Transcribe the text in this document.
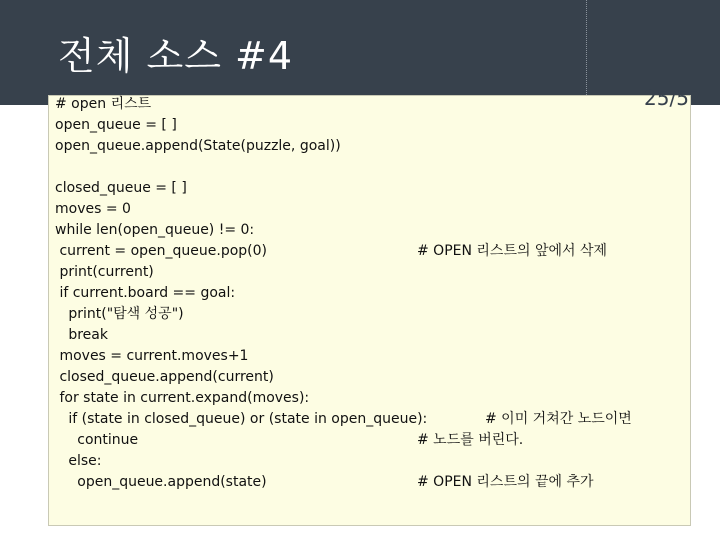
전체 소스 #4
25/57
# open 리스트
open_queue = [ ]
open_queue.append(State(puzzle, goal))
closed_queue = [ ]
moves = 0
while len(open_queue) != 0:
current = open_queue.pop(0)	# OPEN 리스트의 앞에서 삭제
print(current)
if current.board == goal:
print("탐색 성공")
break
moves = current.moves+1
closed_queue.append(current)
for state in current.expand(moves):
if (state in closed_queue) or (state in open_queue):	# 이미 거쳐간 노드이면
continue	# 노드를 버린다.
else:
open_queue.append(state)	# OPEN 리스트의 끝에 추가
